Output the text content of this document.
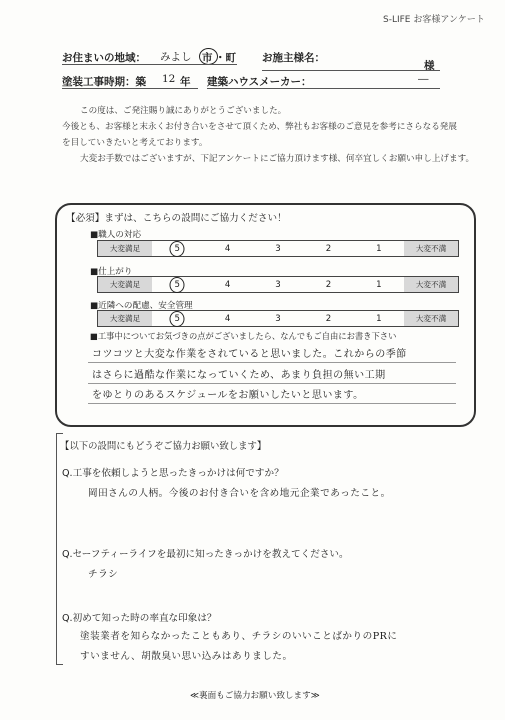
S-LIFE お客様アンケート
お住まいの地域： みよし 市 ・町 お施主様名：
様
塗装工事時期：築 12 年 建築ハウスメーカー：	―
この度は、ご発注賜り誠にありがとうございました。
今後とも、お客様と末永くお付き合いをさせて頂くため、弊社もお客様のご意見を参考にさらなる発展
を目していきたいと考えております。
大変お手数ではございますが、下記アンケートにご協力頂けます様、何卒宜しくお願い申し上げます。
【必須】まずは、こちらの設問にご協力ください！
■職人の対応
大変満足	5	4	3	2	1	大変不満
■仕上がり
大変満足	5	4	3	2	1	大変不満
■近隣への配慮、安全管理
大変満足	5	4	3	2	1	大変不満
■工事中についてお気づきの点がございましたら、なんでもご自由にお書き下さい
コツコツと大変な作業をされていると思いました。これからの季節
はさらに過酷な作業になっていくため、あまり負担の無い工期
をゆとりのあるスケジュールをお願いしたいと思います。
【以下の設問にもどうぞご協力お願い致します】
Q.工事を依頼しようと思ったきっかけは何ですか？
岡田さんの人柄。今後のお付き合いを含め地元企業であったこと。
Q.セーフティーライフを最初に知ったきっかけを教えてください。
チラシ
Q.初めて知った時の率直な印象は？
塗装業者を知らなかったこともあり、チラシのいいことばかりのPRに
すいません、胡散臭い思い込みはありました。
≪裏面もご協力お願い致します≫
